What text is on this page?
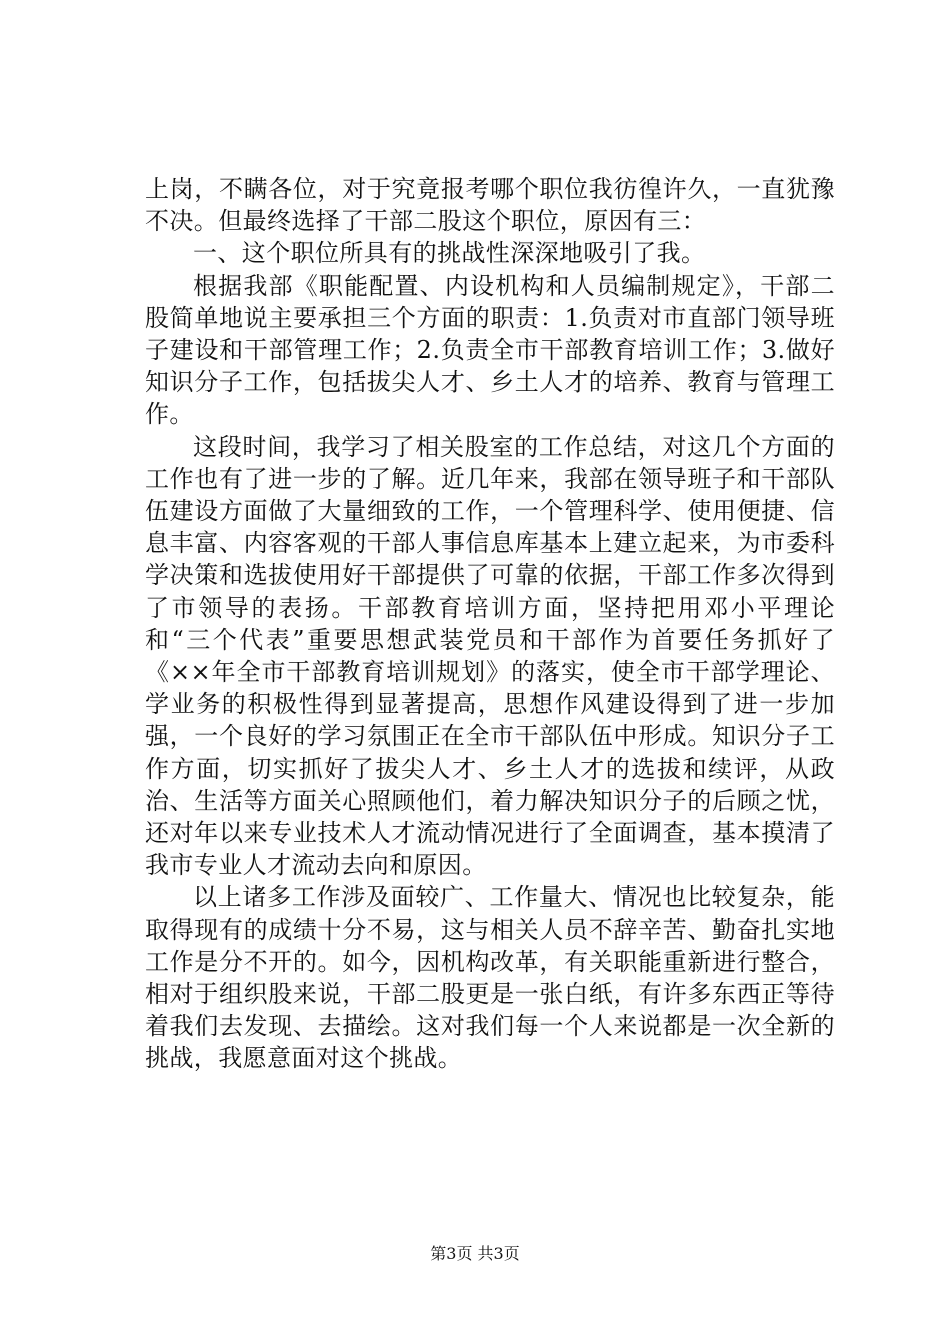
上岗，不瞒各位，对于究竟报考哪个职位我彷徨许久，一直犹豫不决。但最终选择了干部二股这个职位，原因有三：

一、这个职位所具有的挑战性深深地吸引了我。

根据我部《职能配置、内设机构和人员编制规定》，干部二股简单地说主要承担三个方面的职责：1.负责对市直部门领导班子建设和干部管理工作；2.负责全市干部教育培训工作；3.做好知识分子工作，包括拔尖人才、乡土人才的培养、教育与管理工作。

这段时间，我学习了相关股室的工作总结，对这几个方面的工作也有了进一步的了解。近几年来，我部在领导班子和干部队伍建设方面做了大量细致的工作，一个管理科学、使用便捷、信息丰富、内容客观的干部人事信息库基本上建立起来，为市委科学决策和选拔使用好干部提供了可靠的依据，干部工作多次得到了市领导的表扬。干部教育培训方面，坚持把用邓小平理论和“三个代表”重要思想武装党员和干部作为首要任务抓好了《××年全市干部教育培训规划》的落实，使全市干部学理论、学业务的积极性得到显著提高，思想作风建设得到了进一步加强，一个良好的学习氛围正在全市干部队伍中形成。知识分子工作方面，切实抓好了拔尖人才、乡土人才的选拔和续评，从政治、生活等方面关心照顾他们，着力解决知识分子的后顾之忧，还对年以来专业技术人才流动情况进行了全面调查，基本摸清了我市专业人才流动去向和原因。

以上诸多工作涉及面较广、工作量大、情况也比较复杂，能取得现有的成绩十分不易，这与相关人员不辞辛苦、勤奋扎实地工作是分不开的。如今，因机构改革，有关职能重新进行整合，相对于组织股来说，干部二股更是一张白纸，有许多东西正等待着我们去发现、去描绘。这对我们每一个人来说都是一次全新的挑战，我愿意面对这个挑战。

第3页 共3页
